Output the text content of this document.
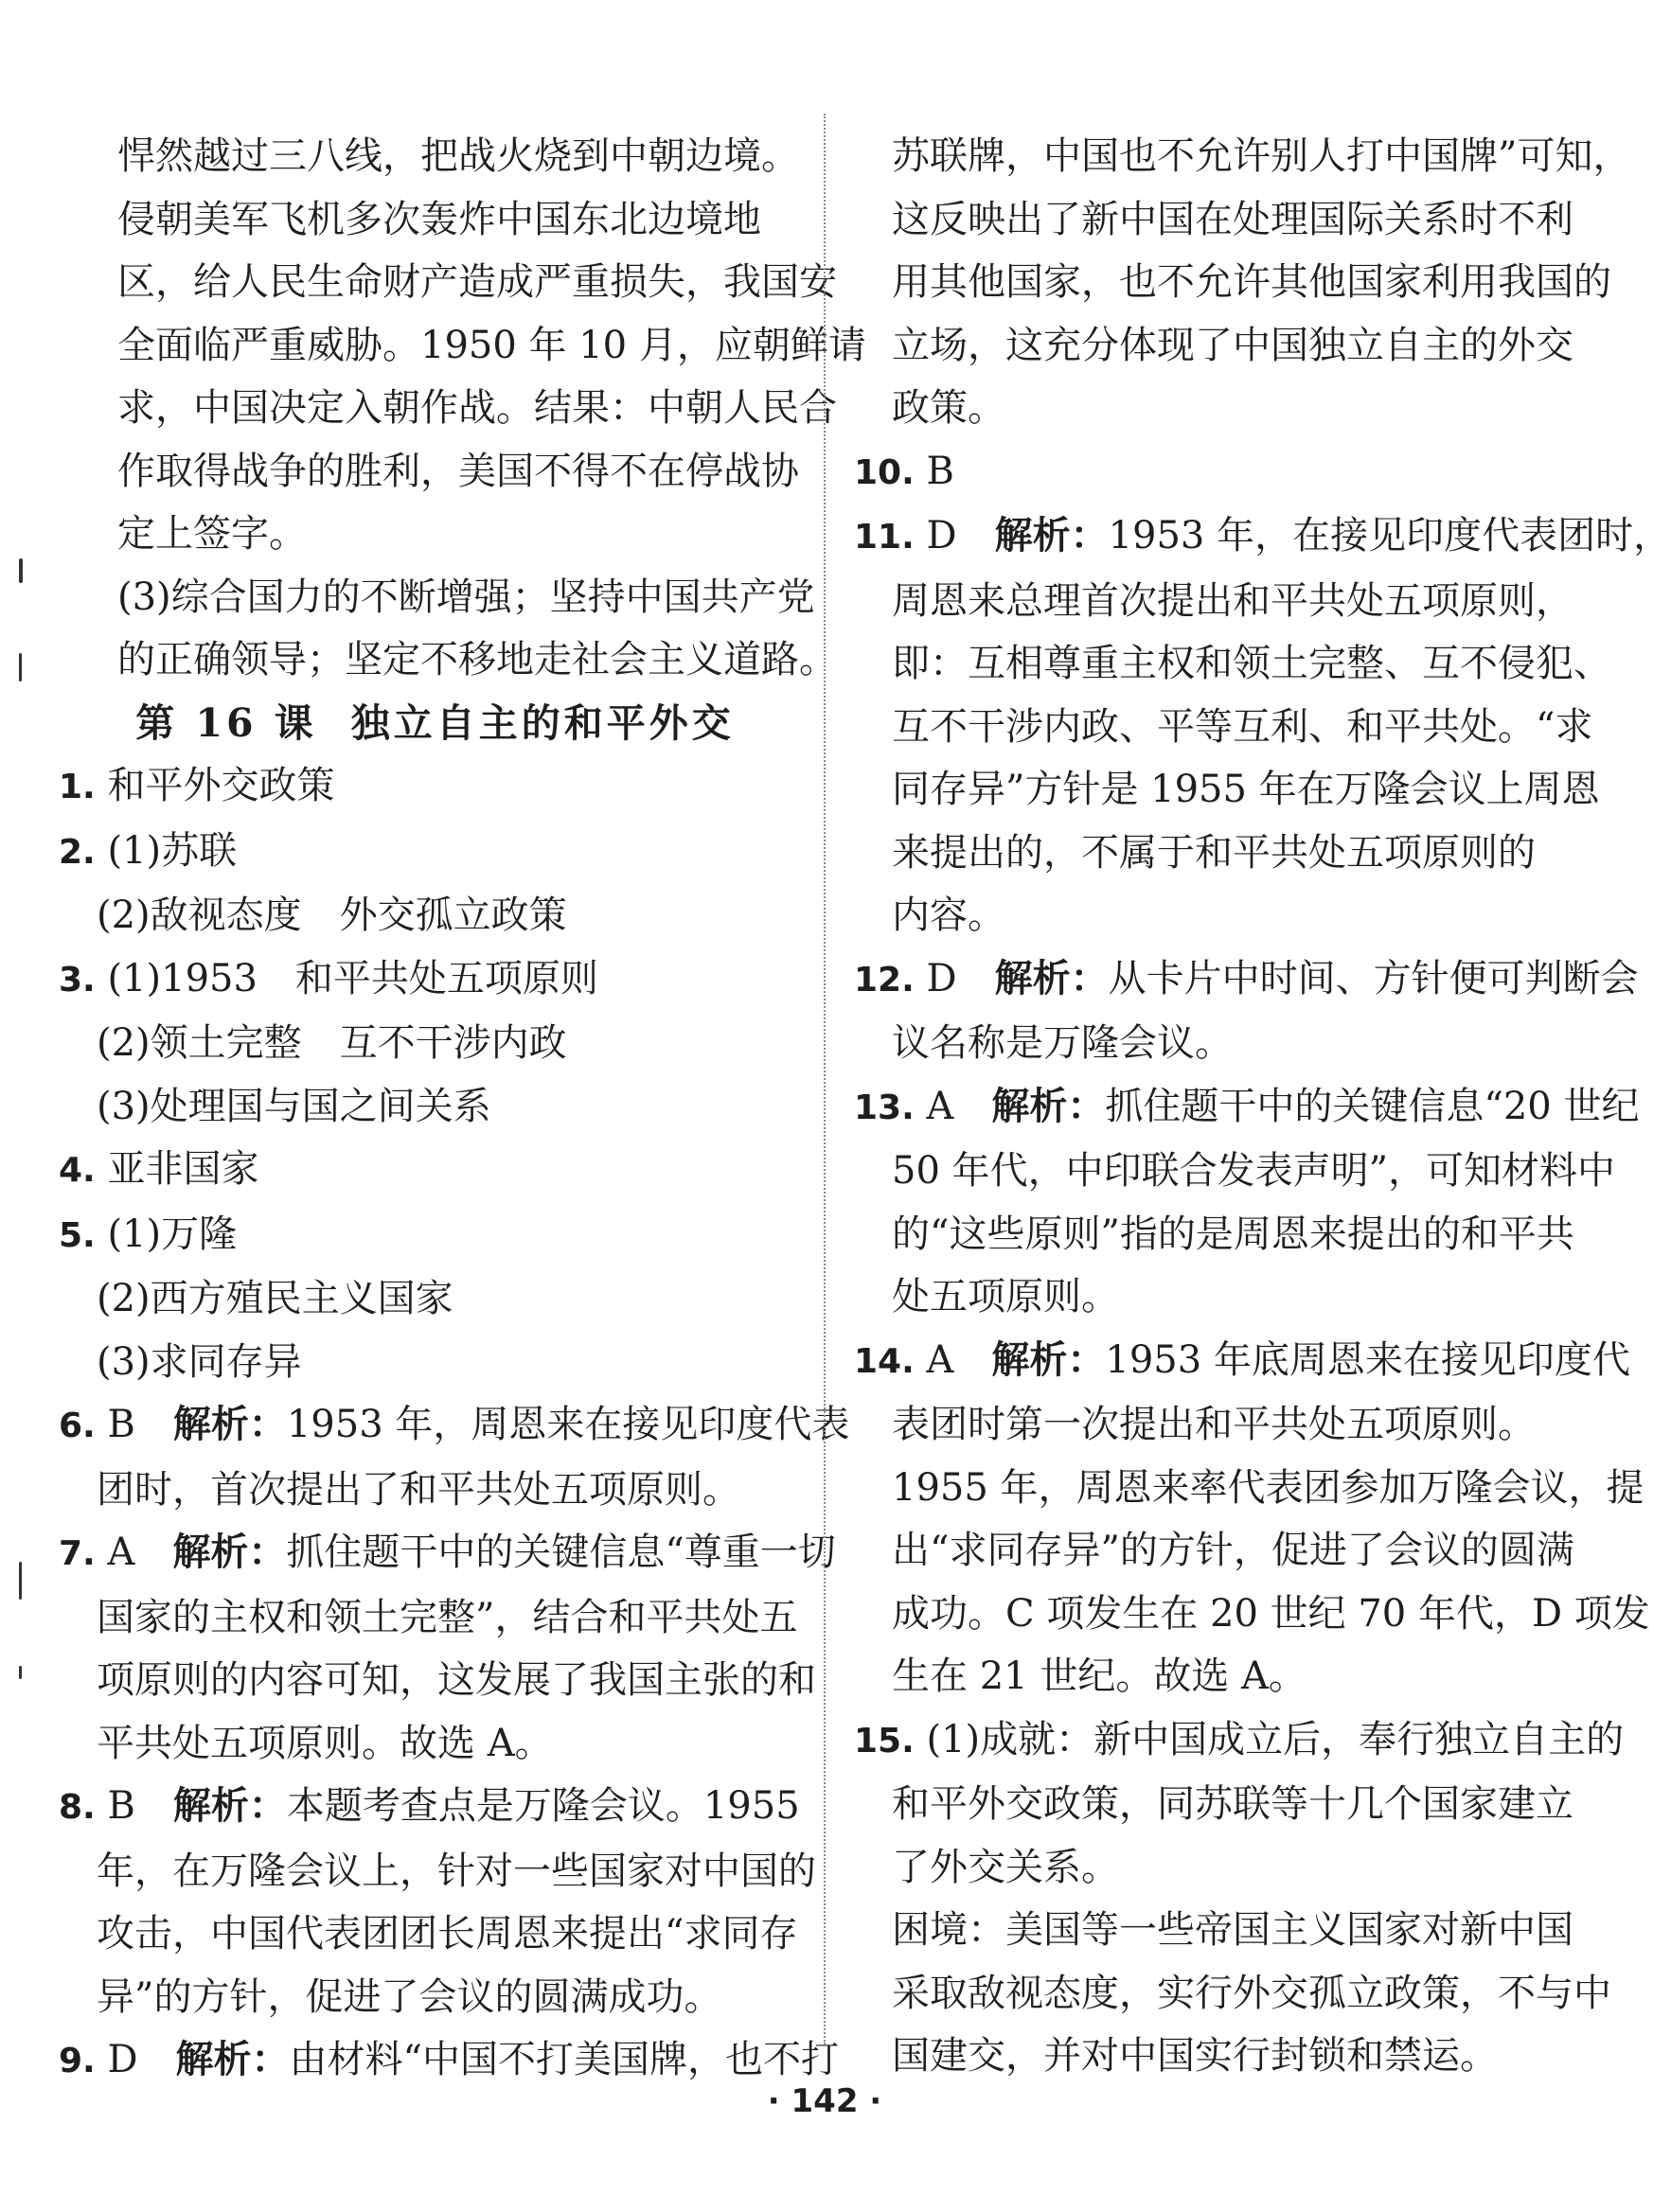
悍然越过三八线，把战火烧到中朝边境。
侵朝美军飞机多次轰炸中国东北边境地
区，给人民生命财产造成严重损失，我国安
全面临严重威胁。1950 年 10 月，应朝鲜请
求，中国决定入朝作战。结果：中朝人民合
作取得战争的胜利，美国不得不在停战协
定上签字。
(3)综合国力的不断增强；坚持中国共产党
的正确领导；坚定不移地走社会主义道路。
第 16 课 独立自主的和平外交
1. 和平外交政策
2. (1)苏联
(2)敌视态度　外交孤立政策
3. (1)1953　和平共处五项原则
(2)领土完整　互不干涉内政
(3)处理国与国之间关系
4. 亚非国家
5. (1)万隆
(2)西方殖民主义国家
(3)求同存异
6. B　 解析：1953 年，周恩来在接见印度代表
团时，首次提出了和平共处五项原则。
7. A　 解析：抓住题干中的关键信息“尊重一切
国家的主权和领土完整”，结合和平共处五
项原则的内容可知，这发展了我国主张的和
平共处五项原则。故选 A。
8. B　 解析：本题考查点是万隆会议。1955
年，在万隆会议上，针对一些国家对中国的
攻击，中国代表团团长周恩来提出“求同存
异”的方针，促进了会议的圆满成功。
9. D　 解析：由材料“中国不打美国牌，也不打
苏联牌，中国也不允许别人打中国牌”可知，
这反映出了新中国在处理国际关系时不利
用其他国家，也不允许其他国家利用我国的
立场，这充分体现了中国独立自主的外交
政策。
10. B
11. D　 解析：1953 年，在接见印度代表团时，
周恩来总理首次提出和平共处五项原则，
即：互相尊重主权和领土完整、互不侵犯、
互不干涉内政、平等互利、和平共处。“求
同存异”方针是 1955 年在万隆会议上周恩
来提出的，不属于和平共处五项原则的
内容。
12. D　 解析：从卡片中时间、方针便可判断会
议名称是万隆会议。
13. A　 解析：抓住题干中的关键信息“20 世纪
50 年代，中印联合发表声明”，可知材料中
的“这些原则”指的是周恩来提出的和平共
处五项原则。
14. A　 解析：1953 年底周恩来在接见印度代
表团时第一次提出和平共处五项原则。
1955 年，周恩来率代表团参加万隆会议，提
出“求同存异”的方针，促进了会议的圆满
成功。C 项发生在 20 世纪 70 年代，D 项发
生在 21 世纪。故选 A。
15. (1)成就：新中国成立后，奉行独立自主的
和平外交政策，同苏联等十几个国家建立
了外交关系。
困境：美国等一些帝国主义国家对新中国
采取敌视态度，实行外交孤立政策，不与中
国建交，并对中国实行封锁和禁运。
· 142 ·
